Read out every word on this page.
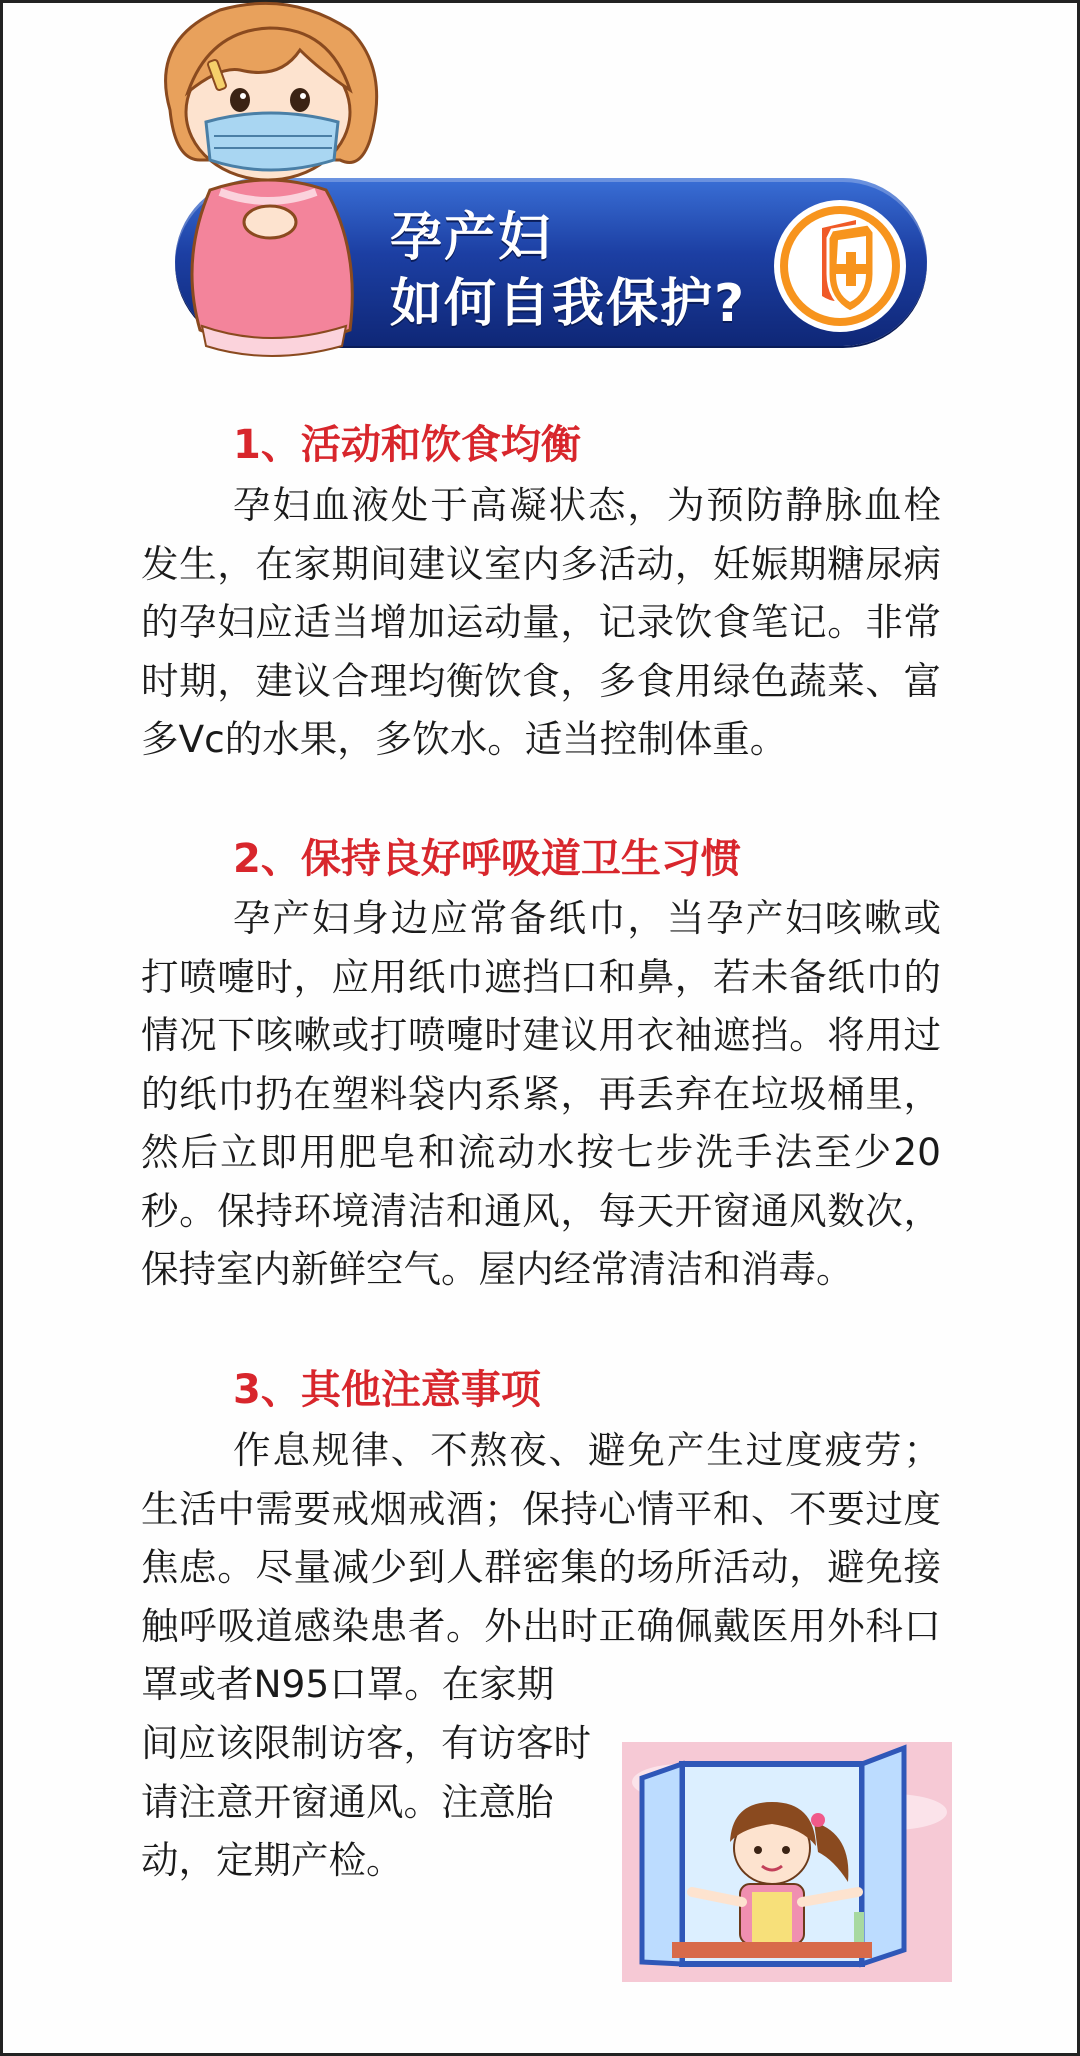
孕产妇
如何自我保护?
1、活动和饮食均衡
孕妇血液处于高凝状态，为预防静脉血栓发生，在家期间建议室内多活动，妊娠期糖尿病的孕妇应适当增加运动量，记录饮食笔记。非常时期，建议合理均衡饮食，多食用绿色蔬菜、富多Vc的水果，多饮水。适当控制体重。
2、保持良好呼吸道卫生习惯
孕产妇身边应常备纸巾，当孕产妇咳嗽或打喷嚏时，应用纸巾遮挡口和鼻，若未备纸巾的情况下咳嗽或打喷嚏时建议用衣袖遮挡。将用过的纸巾扔在塑料袋内系紧，再丢弃在垃圾桶里，然后立即用肥皂和流动水按七步洗手法至少20秒。保持环境清洁和通风，每天开窗通风数次，保持室内新鲜空气。屋内经常清洁和消毒。
3、其他注意事项
作息规律、不熬夜、避免产生过度疲劳；生活中需要戒烟戒酒；保持心情平和、不要过度焦虑。尽量减少到人群密集的场所活动，避免接触呼吸道感染患者。外出时正确佩戴医用外科口罩或者N95口罩。在家期
间应该限制访客，有访客时请注意开窗通风。注意胎动，定期产检。
